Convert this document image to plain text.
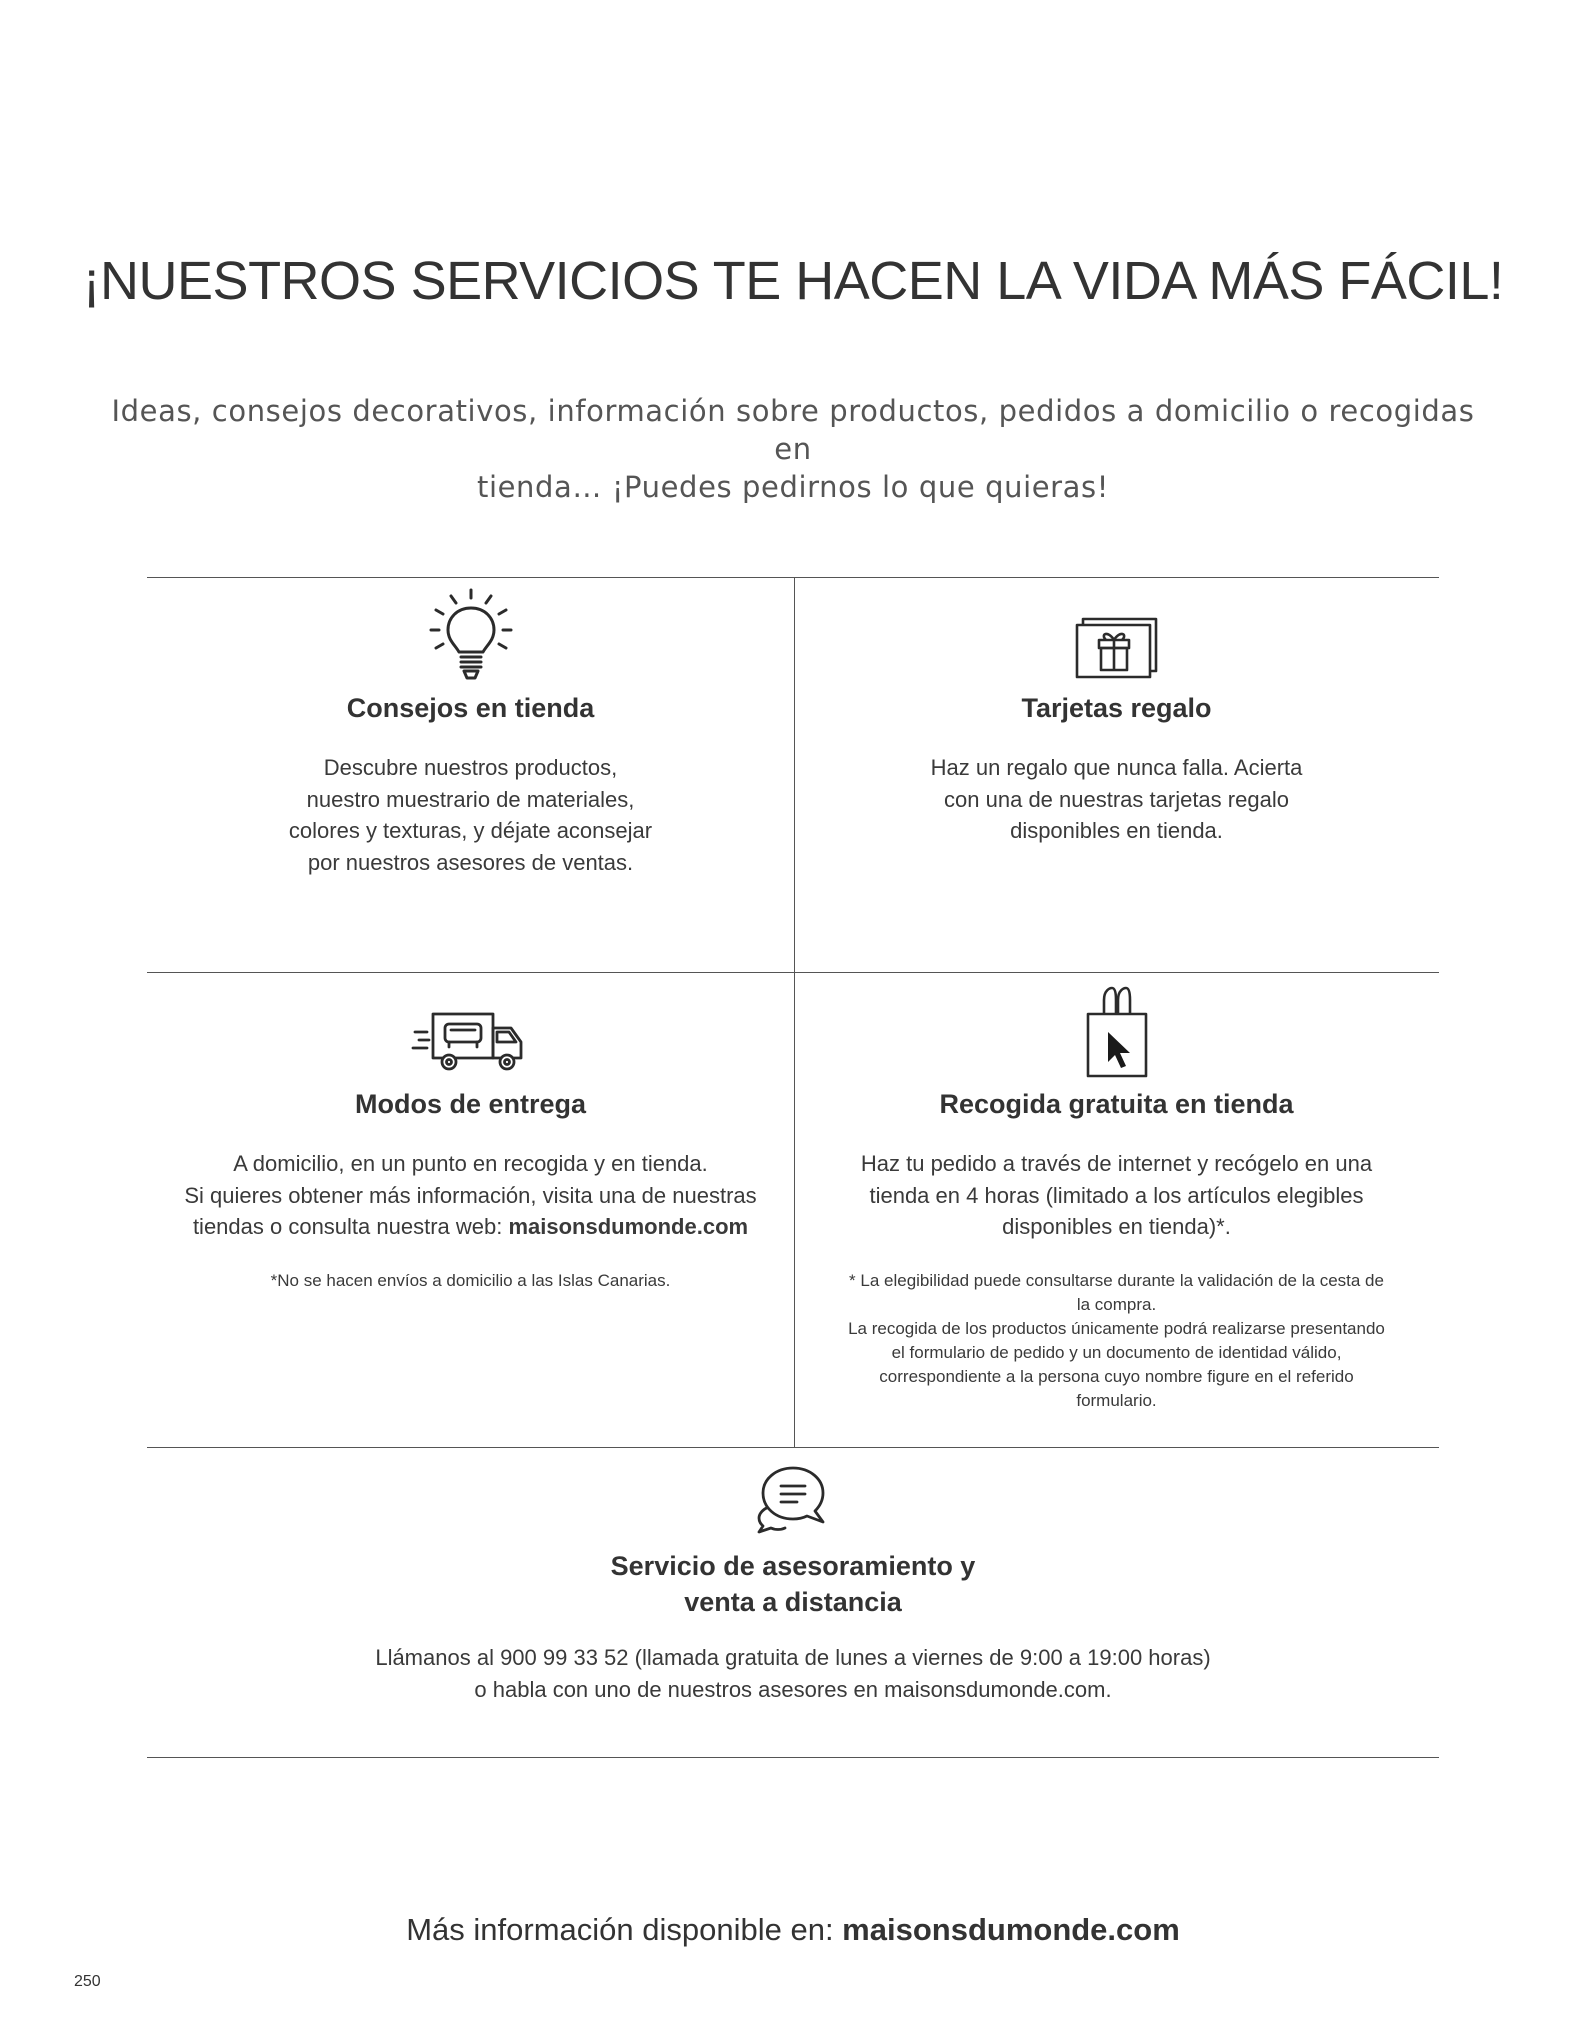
¡NUESTROS SERVICIOS TE HACEN LA VIDA MÁS FÁCIL!
Ideas, consejos decorativos, información sobre productos, pedidos a domicilio o recogidas en
tienda… ¡Puedes pedirnos lo que quieras!
Consejos en tienda
Descubre nuestros productos,
nuestro muestrario de materiales,
colores y texturas, y déjate aconsejar
por nuestros asesores de ventas.
Tarjetas regalo
Haz un regalo que nunca falla. Acierta
con una de nuestras tarjetas regalo
disponibles en tienda.
Modos de entrega
A domicilio, en un punto en recogida y en tienda.
Si quieres obtener más información, visita una de nuestras
tiendas o consulta nuestra web: maisonsdumonde.com
*No se hacen envíos a domicilio a las Islas Canarias.
Recogida gratuita en tienda
Haz tu pedido a través de internet y recógelo en una
tienda en 4 horas (limitado a los artículos elegibles
disponibles en tienda)*.
* La elegibilidad puede consultarse durante la validación de la cesta de
la compra.
La recogida de los productos únicamente podrá realizarse presentando
el formulario de pedido y un documento de identidad válido,
correspondiente a la persona cuyo nombre figure en el referido
formulario.
Servicio de asesoramiento y
venta a distancia
Llámanos al 900 99 33 52 (llamada gratuita de lunes a viernes de 9:00 a 19:00 horas)
o habla con uno de nuestros asesores en maisonsdumonde.com.
Más información disponible en: maisonsdumonde.com
250
